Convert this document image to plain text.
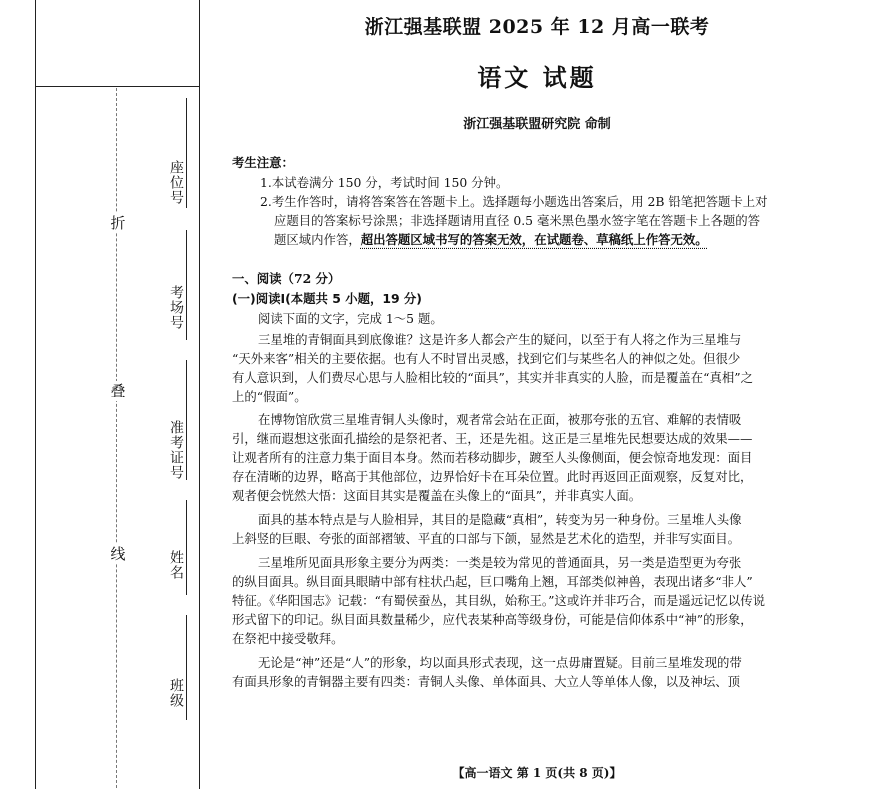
折
叠
线
座位号
考场号
准考证号
姓名
班级
浙江强基联盟 2025 年 12 月高一联考
语文 试题
浙江强基联盟研究院 命制
考生注意：
1.本试卷满分 150 分，考试时间 150 分钟。
2.考生作答时，请将答案答在答题卡上。选择题每小题选出答案后，用 2B 铅笔把答题卡上对
应题目的答案标号涂黑；非选择题请用直径 0.5 毫米黑色墨水签字笔在答题卡上各题的答
题区域内作答，超出答题区域书写的答案无效，在试题卷、草稿纸上作答无效。
一、阅读（72 分）
(一)阅读Ⅰ(本题共 5 小题，19 分)
阅读下面的文字，完成 1～5 题。
三星堆的青铜面具到底像谁？这是许多人都会产生的疑问，以至于有人将之作为三星堆与
“天外来客”相关的主要依据。也有人不时冒出灵感，找到它们与某些名人的神似之处。但很少
有人意识到，人们费尽心思与人脸相比较的“面具”，其实并非真实的人脸，而是覆盖在“真相”之
上的“假面”。
在博物馆欣赏三星堆青铜人头像时，观者常会站在正面，被那夸张的五官、难解的表情吸
引，继而遐想这张面孔描绘的是祭祀者、王，还是先祖。这正是三星堆先民想要达成的效果——
让观者所有的注意力集于面目本身。然而若移动脚步，踱至人头像侧面，便会惊奇地发现：面目
存在清晰的边界，略高于其他部位，边界恰好卡在耳朵位置。此时再返回正面观察，反复对比，
观者便会恍然大悟：这面目其实是覆盖在头像上的“面具”，并非真实人面。
面具的基本特点是与人脸相异，其目的是隐藏“真相”，转变为另一种身份。三星堆人头像
上斜竖的巨眼、夸张的面部褶皱、平直的口部与下颌，显然是艺术化的造型，并非写实面目。
三星堆所见面具形象主要分为两类：一类是较为常见的普通面具，另一类是造型更为夸张
的纵目面具。纵目面具眼睛中部有柱状凸起，巨口嘴角上翘，耳部类似神兽，表现出诸多“非人”
特征。《华阳国志》记载：“有蜀侯蚕丛，其目纵，始称王。”这或许并非巧合，而是遥远记忆以传说
形式留下的印记。纵目面具数量稀少，应代表某种高等级身份，可能是信仰体系中“神”的形象，
在祭祀中接受敬拜。
无论是“神”还是“人”的形象，均以面具形式表现，这一点毋庸置疑。目前三星堆发现的带
有面具形象的青铜器主要有四类：青铜人头像、单体面具、大立人等单体人像，以及神坛、顶
【高一语文 第 1 页(共 8 页)】
